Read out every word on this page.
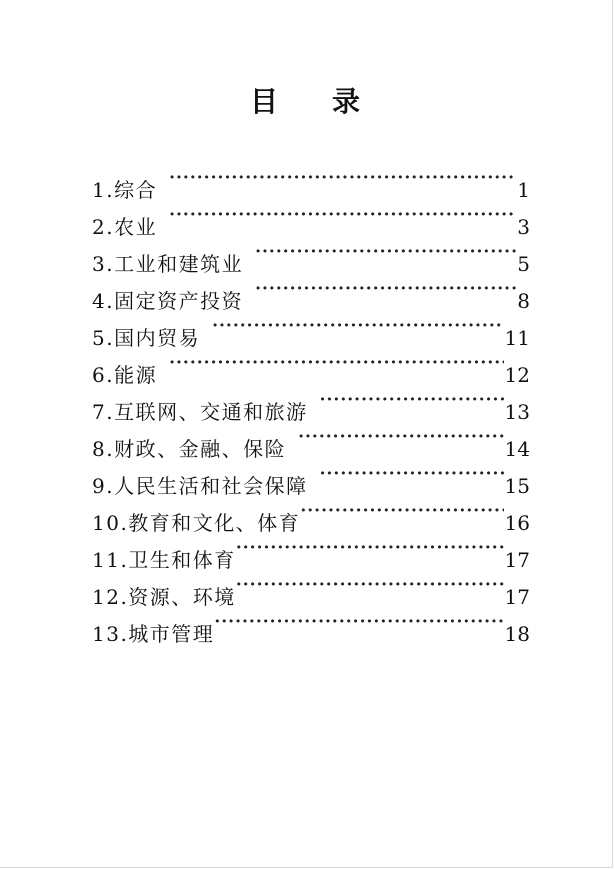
目 录
1.综合 ·····	1
2.农业 ·····	3
3.工业和建筑业 ·····	5
4.固定资产投资 ·····	8
5.国内贸易 ·····	11
6.能源 ·····	12
7.互联网、交通和旅游 ·····	13
8.财政、金融、保险 ·····	14
9.人民生活和社会保障 ·····	15
10.教育和文化、体育 ·····	16
11.卫生和体育 ·····	17
12.资源、环境 ·····	17
13.城市管理 ·····	18
